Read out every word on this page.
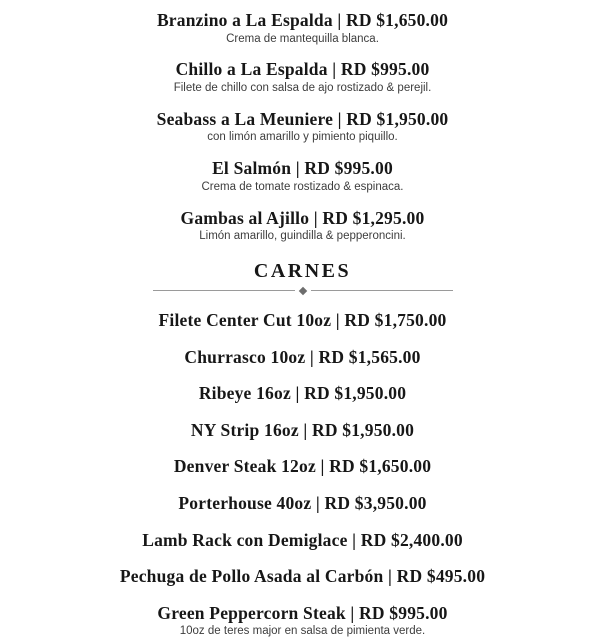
Branzino a La Espalda | RD $1,650.00
Crema de mantequilla blanca.
Chillo a La Espalda | RD $995.00
Filete de chillo con salsa de ajo rostizado & perejil.
Seabass a La Meuniere | RD $1,950.00
con limón amarillo y pimiento piquillo.
El Salmón | RD $995.00
Crema de tomate rostizado & espinaca.
Gambas al Ajillo | RD $1,295.00
Limón amarillo, guindilla & pepperoncini.
CARNES
Filete Center Cut 10oz | RD $1,750.00
Churrasco 10oz | RD $1,565.00
Ribeye 16oz | RD $1,950.00
NY Strip 16oz | RD $1,950.00
Denver Steak 12oz | RD $1,650.00
Porterhouse 40oz | RD $3,950.00
Lamb Rack con Demiglace | RD $2,400.00
Pechuga de Pollo Asada al Carbón | RD $495.00
Green Peppercorn Steak | RD $995.00
10oz de teres major en salsa de pimienta verde.
